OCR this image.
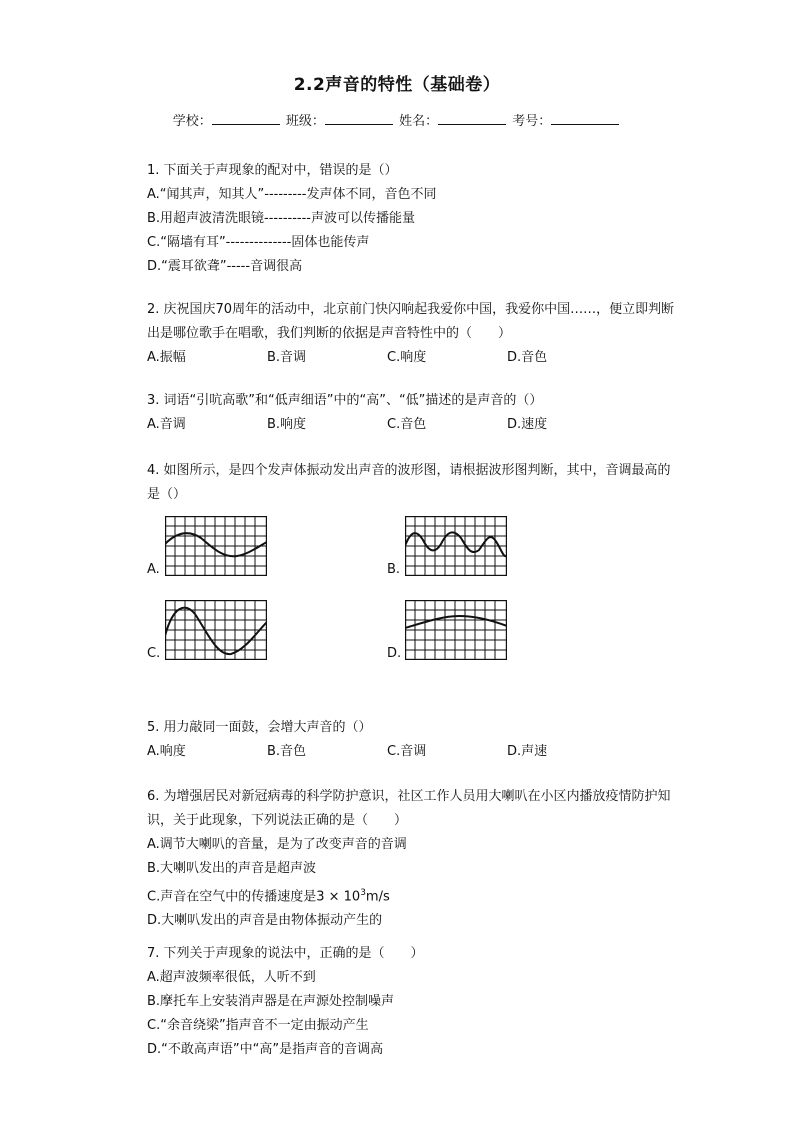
2.2声音的特性（基础卷）
学校：	班级：	姓名：	考号：
1. 下面关于声现象的配对中，错误的是（）
A.“闻其声，知其人”---------发声体不同，音色不同
B.用超声波清洗眼镜----------声波可以传播能量
C.“隔墙有耳”--------------固体也能传声
D.“震耳欲聋”-----音调很高
2. 庆祝国庆70周年的活动中，北京前门快闪响起我爱你中国，我爱你中国……，便立即判断出是哪位歌手在唱歌，我们判断的依据是声音特性中的（　　）
A.振幅	B.音调	C.响度	D.音色
3. 词语“引吭高歌”和“低声细语”中的“高”、“低”描述的是声音的（）
A.音调	B.响度	C.音色	D.速度
4. 如图所示，是四个发声体振动发出声音的波形图，请根据波形图判断，其中，音调最高的是（）
A.	B.
C.	D.
5. 用力敲同一面鼓，会增大声音的（）
A.响度	B.音色	C.音调	D.声速
6. 为增强居民对新冠病毒的科学防护意识，社区工作人员用大喇叭在小区内播放疫情防护知识，关于此现象，下列说法正确的是（　　）
A.调节大喇叭的音量，是为了改变声音的音调
B.大喇叭发出的声音是超声波
C.声音在空气中的传播速度是$3 \times 10^3m/s$
D.大喇叭发出的声音是由物体振动产生的
7. 下列关于声现象的说法中，正确的是（　　）
A.超声波频率很低，人听不到
B.摩托车上安装消声器是在声源处控制噪声
C.“余音绕梁”指声音不一定由振动产生
D.“不敢高声语”中“高”是指声音的音调高
